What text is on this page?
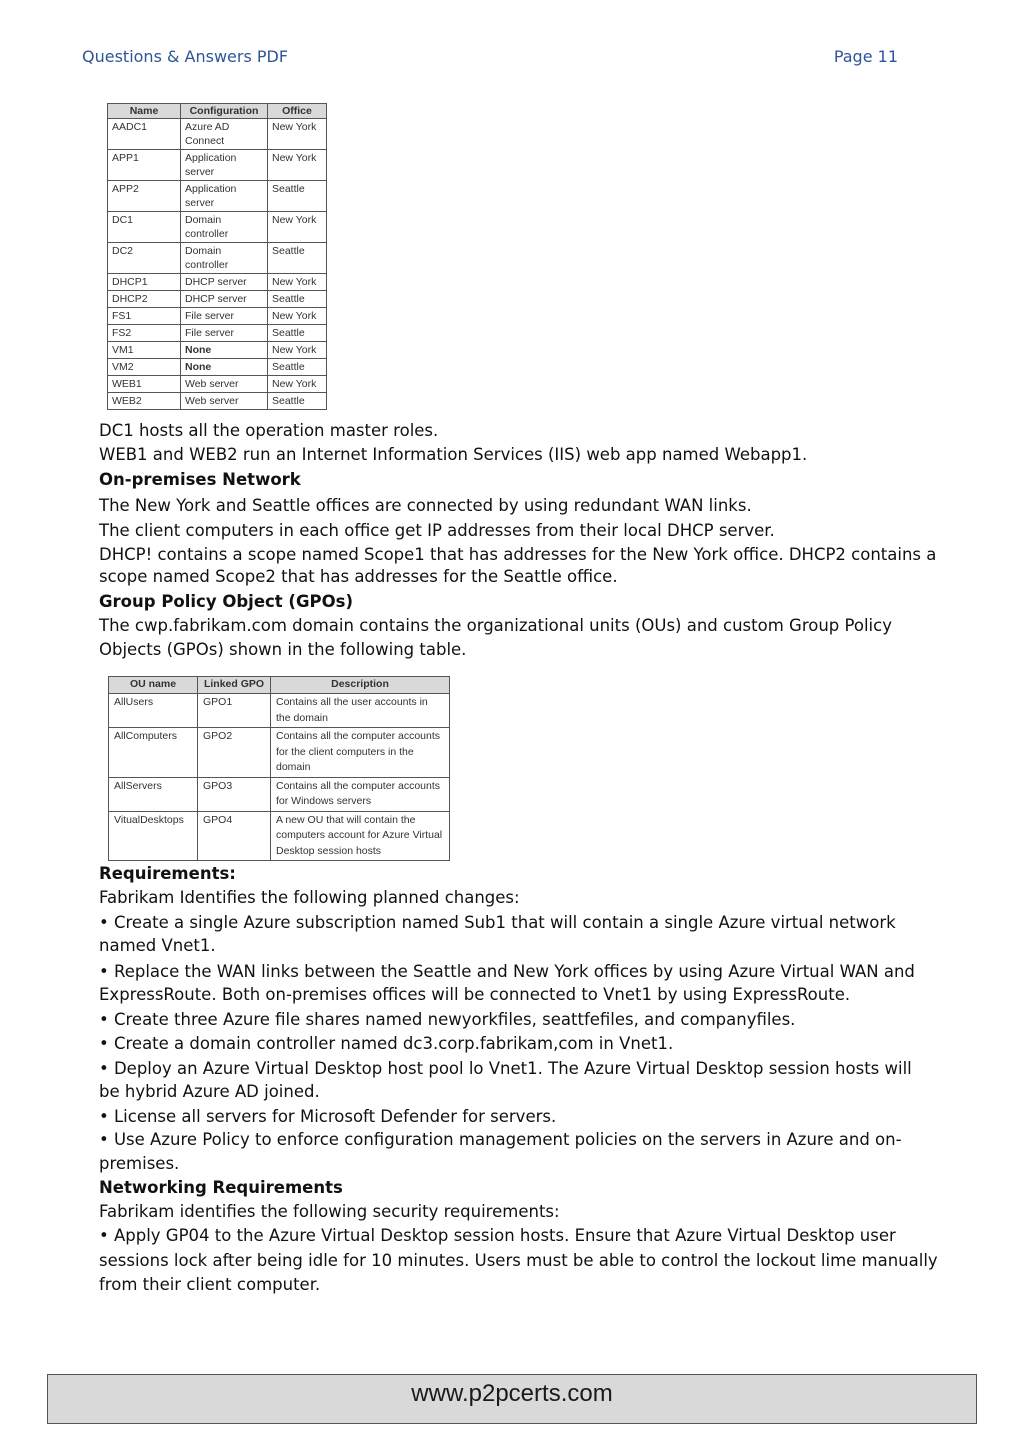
Questions & Answers PDF	Page 11
Name	Configuration	Office
AADC1	Azure AD Connect	New York
APP1	Application server	New York
APP2	Application server	Seattle
DC1	Domain controller	New York
DC2	Domain controller	Seattle
DHCP1	DHCP server	New York
DHCP2	DHCP server	Seattle
FS1	File server	New York
FS2	File server	Seattle
VM1	None	New York
VM2	None	Seattle
WEB1	Web server	New York
WEB2	Web server	Seattle
DC1 hosts all the operation master roles.
WEB1 and WEB2 run an Internet Information Services (IIS) web app named Webapp1.
On-premises Network
The New York and Seattle offices are connected by using redundant WAN links.
The client computers in each office get IP addresses from their local DHCP server.
DHCP! contains a scope named Scope1 that has addresses for the New York office. DHCP2 contains a
scope named Scope2 that has addresses for the Seattle office.
Group Policy Object (GPOs)
The cwp.fabrikam.com domain contains the organizational units (OUs) and custom Group Policy
Objects (GPOs) shown in the following table.
OU name	Linked GPO	Description
AllUsers	GPO1	Contains all the user accounts in the domain
AllComputers	GPO2	Contains all the computer accounts for the client computers in the domain
AllServers	GPO3	Contains all the computer accounts for Windows servers
VitualDesktops	GPO4	A new OU that will contain the computers account for Azure Virtual Desktop session hosts
Requirements:
Fabrikam Identifies the following planned changes:
• Create a single Azure subscription named Sub1 that will contain a single Azure virtual network
named Vnet1.
• Replace the WAN links between the Seattle and New York offices by using Azure Virtual WAN and
ExpressRoute. Both on-premises offices will be connected to Vnet1 by using ExpressRoute.
• Create three Azure file shares named newyorkfiles, seattfefiles, and companyfiles.
• Create a domain controller named dc3.corp.fabrikam,com in Vnet1.
• Deploy an Azure Virtual Desktop host pool lo Vnet1. The Azure Virtual Desktop session hosts will
be hybrid Azure AD joined.
• License all servers for Microsoft Defender for servers.
• Use Azure Policy to enforce configuration management policies on the servers in Azure and on-
premises.
Networking Requirements
Fabrikam identifies the following security requirements:
• Apply GP04 to the Azure Virtual Desktop session hosts. Ensure that Azure Virtual Desktop user
sessions lock after being idle for 10 minutes. Users must be able to control the lockout lime manually
from their client computer.
www.p2pcerts.com
